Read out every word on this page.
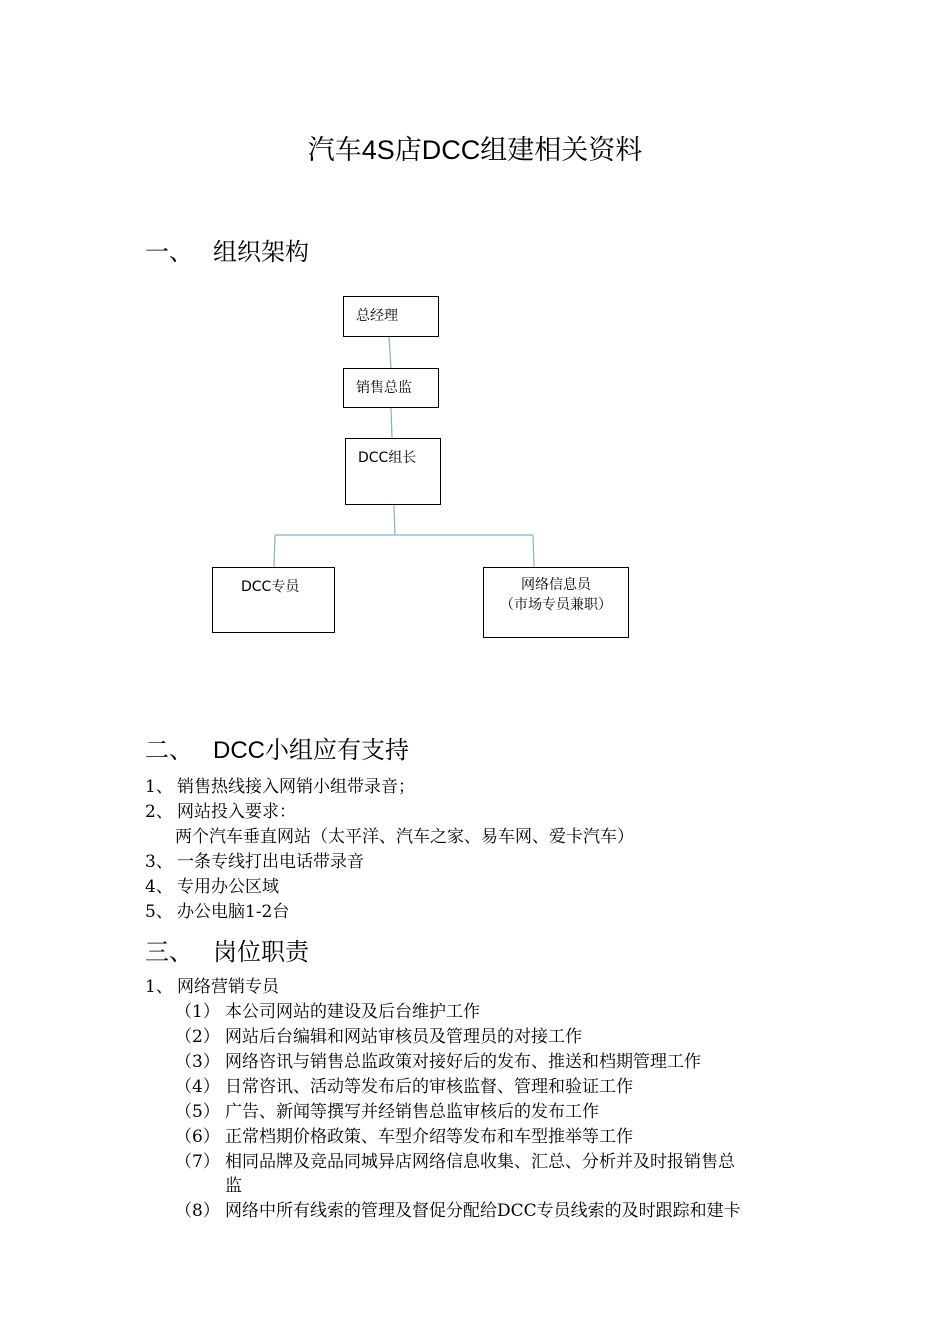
汽车4S店DCC组建相关资料
一、 组织架构
总经理
销售总监
DCC组长
DCC专员	网络信息员
（市场专员兼职）
二、 DCC小组应有支持
1、 销售热线接入网销小组带录音；
2、 网站投入要求：
两个汽车垂直网站（太平洋、汽车之家、易车网、爱卡汽车）
3、 一条专线打出电话带录音
4、 专用办公区域
5、 办公电脑1-2台
三、 岗位职责
1、 网络营销专员
（1） 本公司网站的建设及后台维护工作
（2） 网站后台编辑和网站审核员及管理员的对接工作
（3） 网络咨讯与销售总监政策对接好后的发布、推送和档期管理工作
（4） 日常咨讯、活动等发布后的审核监督、管理和验证工作
（5） 广告、新闻等撰写并经销售总监审核后的发布工作
（6） 正常档期价格政策、车型介绍等发布和车型推举等工作
（7） 相同品牌及竞品同城异店网络信息收集、汇总、分析并及时报销售总
监
（8） 网络中所有线索的管理及督促分配给DCC专员线索的及时跟踪和建卡
